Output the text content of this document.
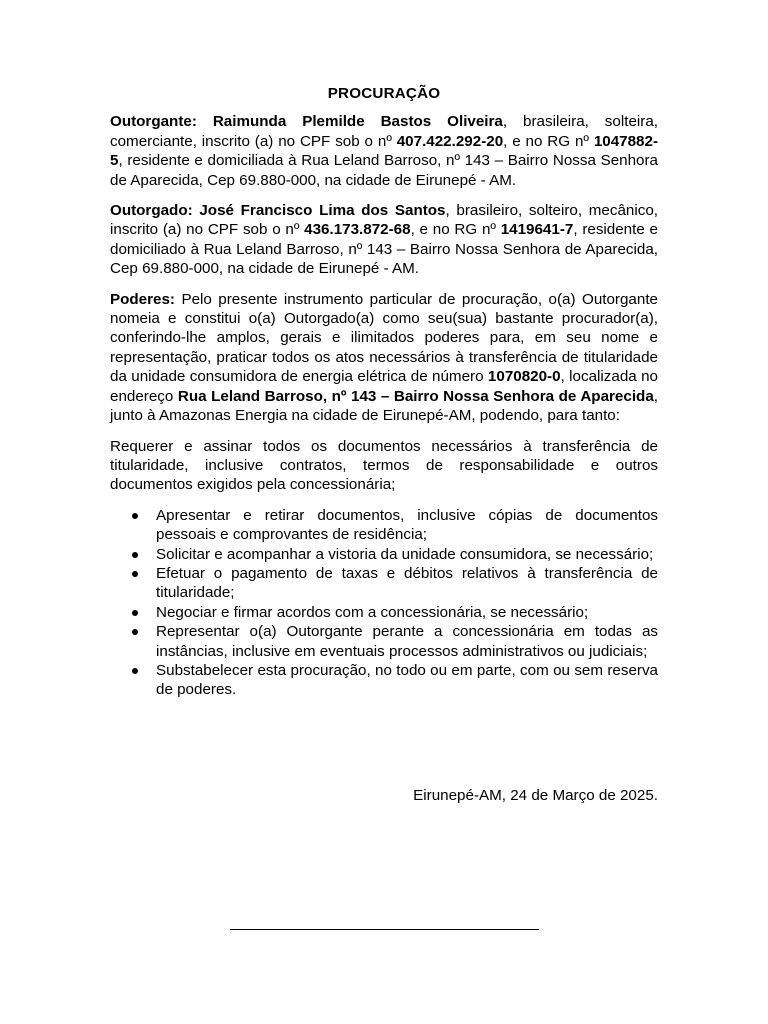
PROCURAÇÃO

Outorgante: Raimunda Plemilde Bastos Oliveira, brasileira, solteira, comerciante, inscrito (a) no CPF sob o nº 407.422.292-20, e no RG nº 1047882-5, residente e domiciliada à Rua Leland Barroso, nº 143 – Bairro Nossa Senhora de Aparecida, Cep 69.880-000, na cidade de Eirunepé - AM.

Outorgado: José Francisco Lima dos Santos, brasileiro, solteiro, mecânico, inscrito (a) no CPF sob o nº 436.173.872-68, e no RG nº 1419641-7, residente e domiciliado à Rua Leland Barroso, nº 143 – Bairro Nossa Senhora de Aparecida, Cep 69.880-000, na cidade de Eirunepé - AM.

Poderes: Pelo presente instrumento particular de procuração, o(a) Outorgante nomeia e constitui o(a) Outorgado(a) como seu(sua) bastante procurador(a), conferindo-lhe amplos, gerais e ilimitados poderes para, em seu nome e representação, praticar todos os atos necessários à transferência de titularidade da unidade consumidora de energia elétrica de número 1070820-0, localizada no endereço Rua Leland Barroso, nº 143 – Bairro Nossa Senhora de Aparecida, junto à Amazonas Energia na cidade de Eirunepé-AM, podendo, para tanto:

Requerer e assinar todos os documentos necessários à transferência de titularidade, inclusive contratos, termos de responsabilidade e outros documentos exigidos pela concessionária;

Apresentar e retirar documentos, inclusive cópias de documentos pessoais e comprovantes de residência;
Solicitar e acompanhar a vistoria da unidade consumidora, se necessário;
Efetuar o pagamento de taxas e débitos relativos à transferência de titularidade;
Negociar e firmar acordos com a concessionária, se necessário;
Representar o(a) Outorgante perante a concessionária em todas as instâncias, inclusive em eventuais processos administrativos ou judiciais;
Substabelecer esta procuração, no todo ou em parte, com ou sem reserva de poderes.
Eirunepé-AM, 24 de Março de 2025.
